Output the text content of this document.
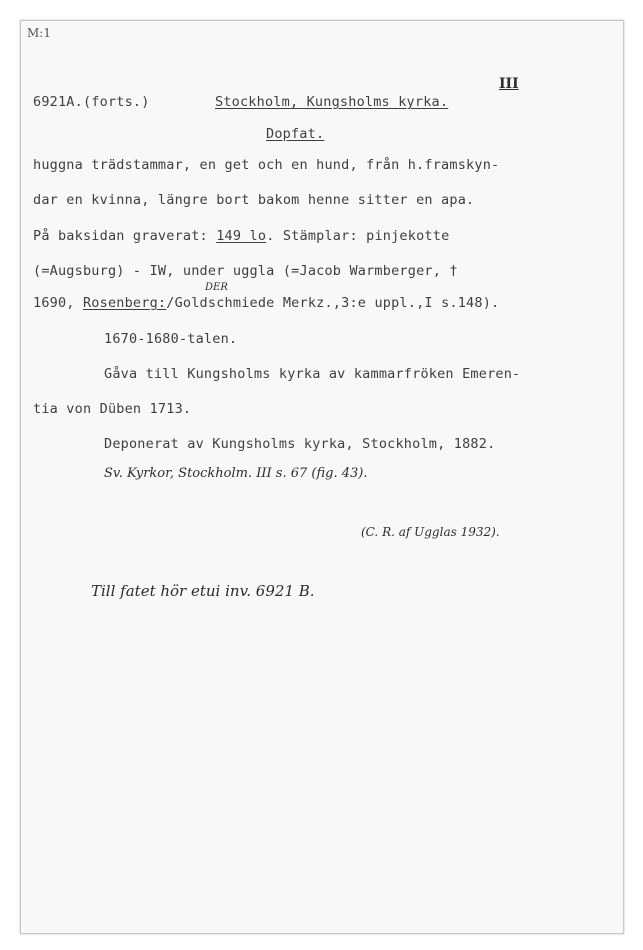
M:1
III
6921A.(forts.)	Stockholm, Kungsholms kyrka.
Dopfat.
huggna trädstammar, en get och en hund, från h.framskyn-
dar en kvinna, längre bort bakom henne sitter en apa.
På baksidan graverat: 149 lo. Stämplar: pinjekotte
(=Augsburg) - IW, under uggla (=Jacob Warmberger, †
DER
1690, Rosenberg:/Goldschmiede Merkz.,3:e uppl.,I s.148).
1670-1680-talen.
Gåva till Kungsholms kyrka av kammarfröken Emeren-
tia von Düben 1713.
Deponerat av Kungsholms kyrka, Stockholm, 1882.
Sv. Kyrkor, Stockholm. III s. 67 (fig. 43).
(C. R. af Ugglas 1932).
Till fatet hör etui inv. 6921 B.
